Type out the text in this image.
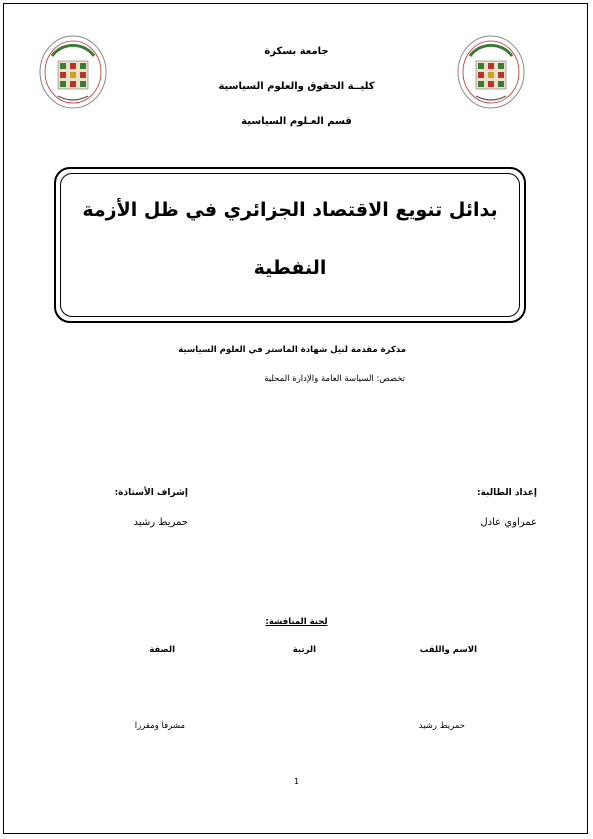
جامعة بسكرة
كليــة الحقوق والعلوم السياسية
قسم العـلوم السياسية
بدائل تنويع الاقتصاد الجزائري في ظل الأزمة
النفطية
مذكرة مقدمة لنيل شهادة الماستر في العلوم السياسية
تخصص: السياسة العامة والإدارة المحلية
إعداد الطالبة:
عمراوي عادل
إشراف الأستاذة:
حمريط رشيد
لجنة المناقشة:
الاسم واللقب
الرتبة
الصفة
حمريط رشيد
مشرفا ومقررا
1
